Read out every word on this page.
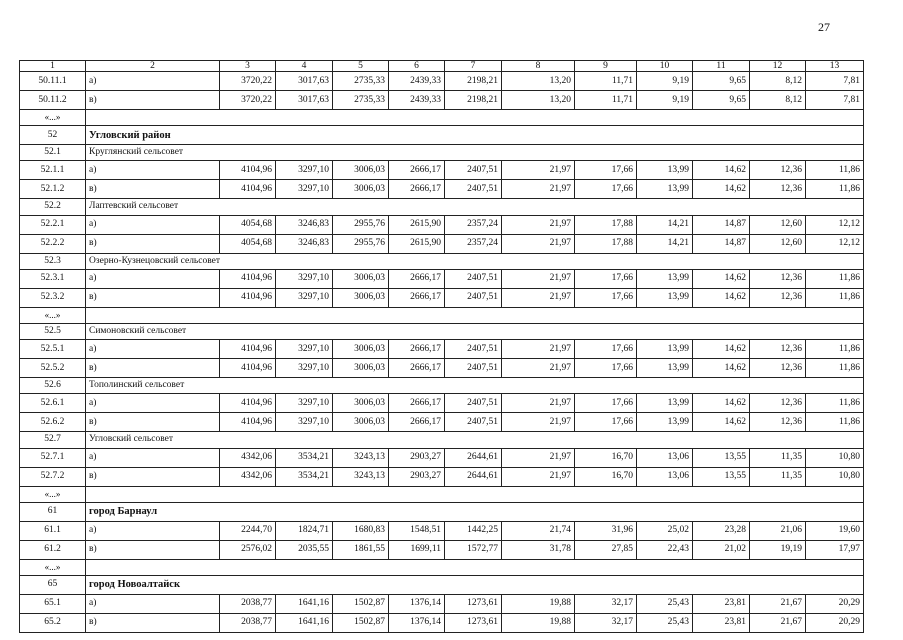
27
1	2	3	4	5	6	7	8	9	10	11	12	13
50.11.1	а)	3720,22	3017,63	2735,33	2439,33	2198,21	13,20	11,71	9,19	9,65	8,12	7,81
50.11.2	в)	3720,22	3017,63	2735,33	2439,33	2198,21	13,20	11,71	9,19	9,65	8,12	7,81
«...»												
52	Угловский район											
52.1	Круглянский сельсовет											
52.1.1	а)	4104,96	3297,10	3006,03	2666,17	2407,51	21,97	17,66	13,99	14,62	12,36	11,86
52.1.2	в)	4104,96	3297,10	3006,03	2666,17	2407,51	21,97	17,66	13,99	14,62	12,36	11,86
52.2	Лаптевский сельсовет											
52.2.1	а)	4054,68	3246,83	2955,76	2615,90	2357,24	21,97	17,88	14,21	14,87	12,60	12,12
52.2.2	в)	4054,68	3246,83	2955,76	2615,90	2357,24	21,97	17,88	14,21	14,87	12,60	12,12
52.3	Озерно-Кузнецовский сельсовет											
52.3.1	а)	4104,96	3297,10	3006,03	2666,17	2407,51	21,97	17,66	13,99	14,62	12,36	11,86
52.3.2	в)	4104,96	3297,10	3006,03	2666,17	2407,51	21,97	17,66	13,99	14,62	12,36	11,86
«...»												
52.5	Симоновский сельсовет											
52.5.1	а)	4104,96	3297,10	3006,03	2666,17	2407,51	21,97	17,66	13,99	14,62	12,36	11,86
52.5.2	в)	4104,96	3297,10	3006,03	2666,17	2407,51	21,97	17,66	13,99	14,62	12,36	11,86
52.6	Тополинский сельсовет											
52.6.1	а)	4104,96	3297,10	3006,03	2666,17	2407,51	21,97	17,66	13,99	14,62	12,36	11,86
52.6.2	в)	4104,96	3297,10	3006,03	2666,17	2407,51	21,97	17,66	13,99	14,62	12,36	11,86
52.7	Угловский сельсовет											
52.7.1	а)	4342,06	3534,21	3243,13	2903,27	2644,61	21,97	16,70	13,06	13,55	11,35	10,80
52.7.2	в)	4342,06	3534,21	3243,13	2903,27	2644,61	21,97	16,70	13,06	13,55	11,35	10,80
«...»												
61	город Барнаул											
61.1	а)	2244,70	1824,71	1680,83	1548,51	1442,25	21,74	31,96	25,02	23,28	21,06	19,60
61.2	в)	2576,02	2035,55	1861,55	1699,11	1572,77	31,78	27,85	22,43	21,02	19,19	17,97
«...»												
65	город Новоалтайск											
65.1	а)	2038,77	1641,16	1502,87	1376,14	1273,61	19,88	32,17	25,43	23,81	21,67	20,29
65.2	в)	2038,77	1641,16	1502,87	1376,14	1273,61	19,88	32,17	25,43	23,81	21,67	20,29
